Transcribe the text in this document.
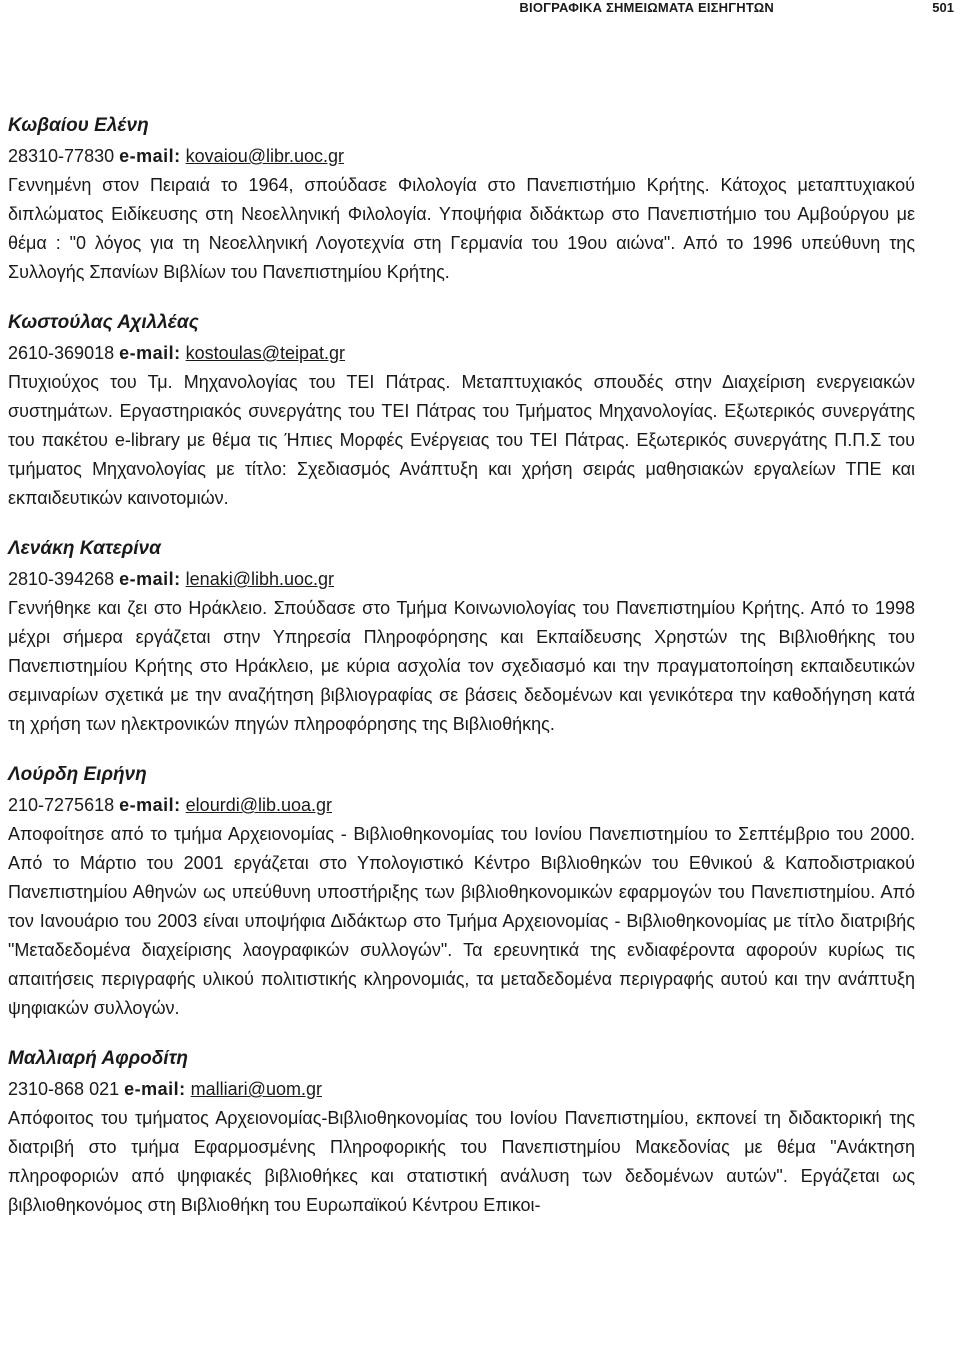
ΒΙΟΓΡΑΦΙΚΑ ΣΗΜΕΙΩΜΑΤΑ ΕΙΣΗΓΗΤΩΝ	501

Κωβαίου Ελένη

28310-77830 e-mail: kovaiou@libr.uoc.gr

Γεννημένη στον Πειραιά το 1964, σπούδασε Φιλολογία στο Πανεπιστήμιο Κρήτης. Κάτοχος μεταπτυχιακού διπλώματος Ειδίκευσης στη Νεοελληνική Φιλολογία. Υποψήφια διδάκτωρ στο Πανεπιστήμιο του Αμβούργου με θέμα : "0 λόγος για τη Νεοελληνική Λογοτεχνία στη Γερμανία του 19ου αιώνα". Από το 1996 υπεύθυνη της Συλλογής Σπανίων Βιβλίων του Πανεπιστημίου Κρήτης.

Κωστούλας Αχιλλέας

2610-369018 e-mail: kostoulas@teipat.gr

Πτυχιούχος του Τμ. Μηχανολογίας του ΤΕΙ Πάτρας. Μεταπτυχιακός σπουδές στην Διαχείριση ενεργειακών συστημάτων. Εργαστηριακός συνεργάτης του ΤΕΙ Πάτρας του Τμήματος Μηχανολογίας. Εξωτερικός συνεργάτης του πακέτου e-library με θέμα τις Ήπιες Μορφές Ενέργειας του ΤΕΙ Πάτρας. Εξωτερικός συνεργάτης Π.Π.Σ του τμήματος Μηχανολογίας με τίτλο: Σχεδιασμός Ανάπτυξη και χρήση σειράς μαθησιακών εργαλείων ΤΠΕ και εκπαιδευτικών καινοτομιών.

Λενάκη Κατερίνα

2810-394268 e-mail: lenaki@libh.uoc.gr

Γεννήθηκε και ζει στο Ηράκλειο. Σπούδασε στο Τμήμα Κοινωνιολογίας του Πανεπιστημίου Κρήτης. Από το 1998 μέχρι σήμερα εργάζεται στην Υπηρεσία Πληροφόρησης και Εκπαίδευσης Χρηστών της Βιβλιοθήκης του Πανεπιστημίου Κρήτης στο Ηράκλειο, με κύρια ασχολία τον σχεδιασμό και την πραγματοποίηση εκπαιδευτικών σεμιναρίων σχετικά με την αναζήτηση βιβλιογραφίας σε βάσεις δεδομένων και γενικότερα την καθοδήγηση κατά τη χρήση των ηλεκτρονικών πηγών πληροφόρησης της Βιβλιοθήκης.

Λούρδη Ειρήνη

210-7275618 e-mail: elourdi@lib.uoa.gr

Αποφοίτησε από το τμήμα Αρχειονομίας - Βιβλιοθηκονομίας του Ιονίου Πανεπιστημίου το Σεπτέμβριο του 2000. Από το Μάρτιο του 2001 εργάζεται στο Υπολογιστικό Κέντρο Βιβλιοθηκών του Εθνικού & Καποδιστριακού Πανεπιστημίου Αθηνών ως υπεύθυνη υποστήριξης των βιβλιοθηκονομικών εφαρμογών του Πανεπιστημίου. Από τον Ιανουάριο του 2003 είναι υποψήφια Διδάκτωρ στο Τμήμα Αρχειονομίας - Βιβλιοθηκονομίας με τίτλο διατριβής "Μεταδεδομένα διαχείρισης λαογραφικών συλλογών". Τα ερευνητικά της ενδιαφέροντα αφορούν κυρίως τις απαιτήσεις περιγραφής υλικού πολιτιστικής κληρονομιάς, τα μεταδεδομένα περιγραφής αυτού και την ανάπτυξη ψηφιακών συλλογών.

Μαλλιαρή Αφροδίτη

2310-868 021 e-mail: malliari@uom.gr

Απόφοιτος του τμήματος Αρχειονομίας-Βιβλιοθηκονομίας του Ιονίου Πανεπιστημίου, εκπονεί τη διδακτορική της διατριβή στο τμήμα Εφαρμοσμένης Πληροφορικής του Πανεπιστημίου Μακεδονίας με θέμα "Ανάκτηση πληροφοριών από ψηφιακές βιβλιοθήκες και στατιστική ανάλυση των δεδομένων αυτών". Εργάζεται ως βιβλιοθηκονόμος στη Βιβλιοθήκη του Ευρωπαϊκού Κέντρου Επικοι-
